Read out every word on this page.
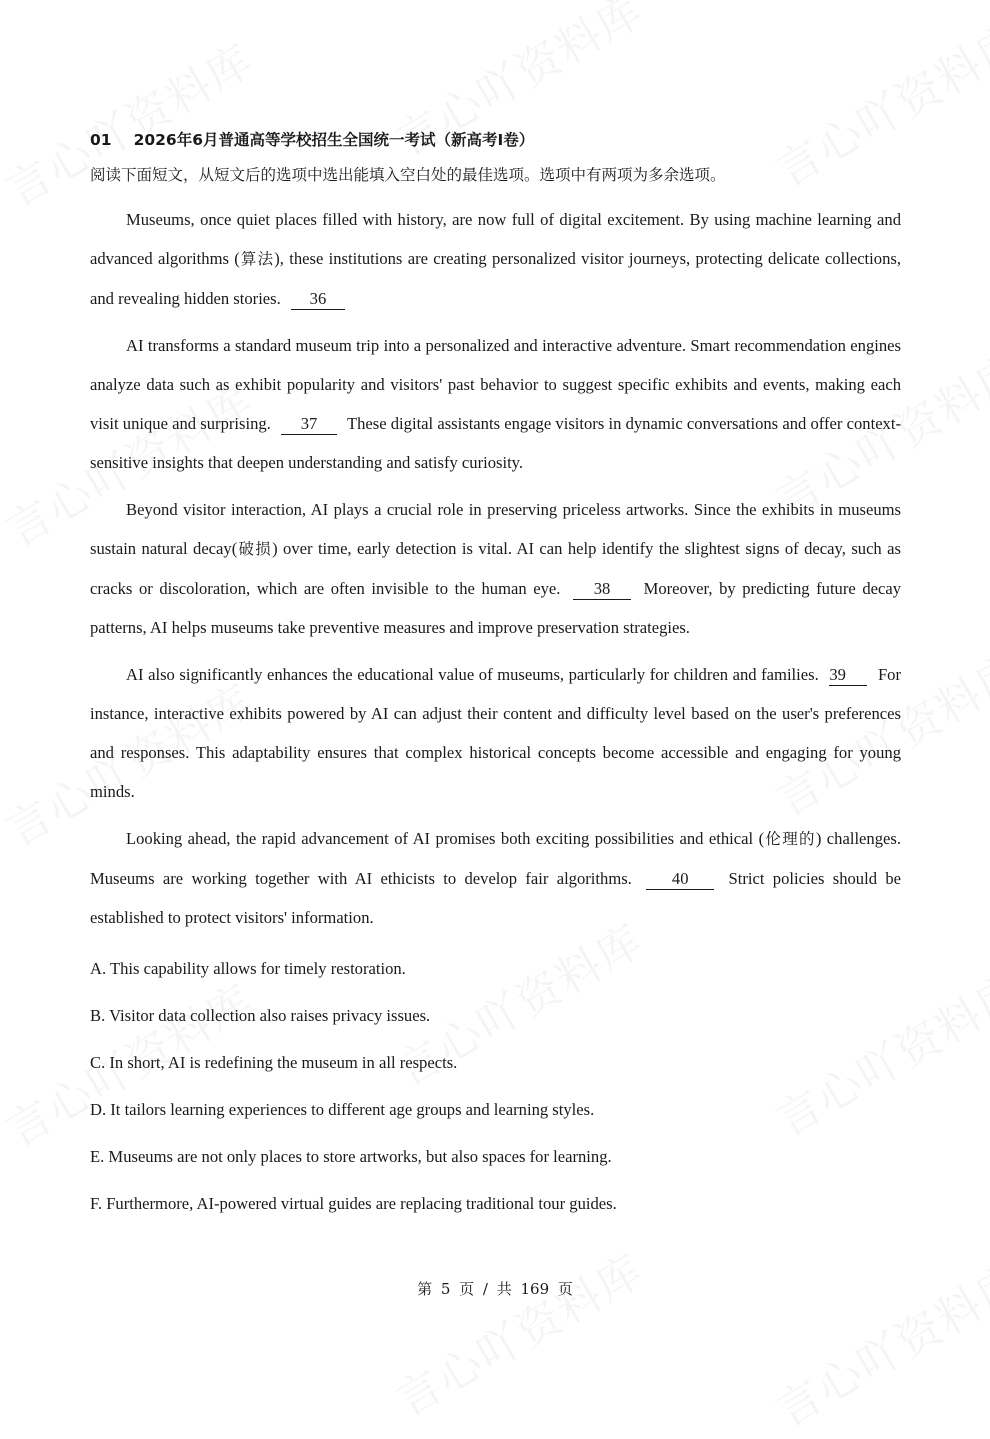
01 2026年6月普通高等学校招生全国统一考试（新高考I卷）

阅读下面短文，从短文后的选项中选出能填入空白处的最佳选项。选项中有两项为多余选项。

Museums, once quiet places filled with history, are now full of digital excitement. By using machine learning and advanced algorithms (算法), these institutions are creating personalized visitor journeys, protecting delicate collections, and revealing hidden stories. 36

AI transforms a standard museum trip into a personalized and interactive adventure. Smart recommendation engines analyze data such as exhibit popularity and visitors' past behavior to suggest specific exhibits and events, making each visit unique and surprising. 37 These digital assistants engage visitors in dynamic conversations and offer context-sensitive insights that deepen understanding and satisfy curiosity.

Beyond visitor interaction, AI plays a crucial role in preserving priceless artworks. Since the exhibits in museums sustain natural decay(破损) over time, early detection is vital. AI can help identify the slightest signs of decay, such as cracks or discoloration, which are often invisible to the human eye. 38 Moreover, by predicting future decay patterns, AI helps museums take preventive measures and improve preservation strategies.

AI also significantly enhances the educational value of museums, particularly for children and families. 39 For instance, interactive exhibits powered by AI can adjust their content and difficulty level based on the user's preferences and responses. This adaptability ensures that complex historical concepts become accessible and engaging for young minds.

Looking ahead, the rapid advancement of AI promises both exciting possibilities and ethical (伦理的) challenges. Museums are working together with AI ethicists to develop fair algorithms. 40 Strict policies should be established to protect visitors' information.

A. This capability allows for timely restoration.
B. Visitor data collection also raises privacy issues.
C. In short, AI is redefining the museum in all respects.
D. It tailors learning experiences to different age groups and learning styles.
E. Museums are not only places to store artworks, but also spaces for learning.
F. Furthermore, AI-powered virtual guides are replacing traditional tour guides.
第 5 页 / 共 169 页
